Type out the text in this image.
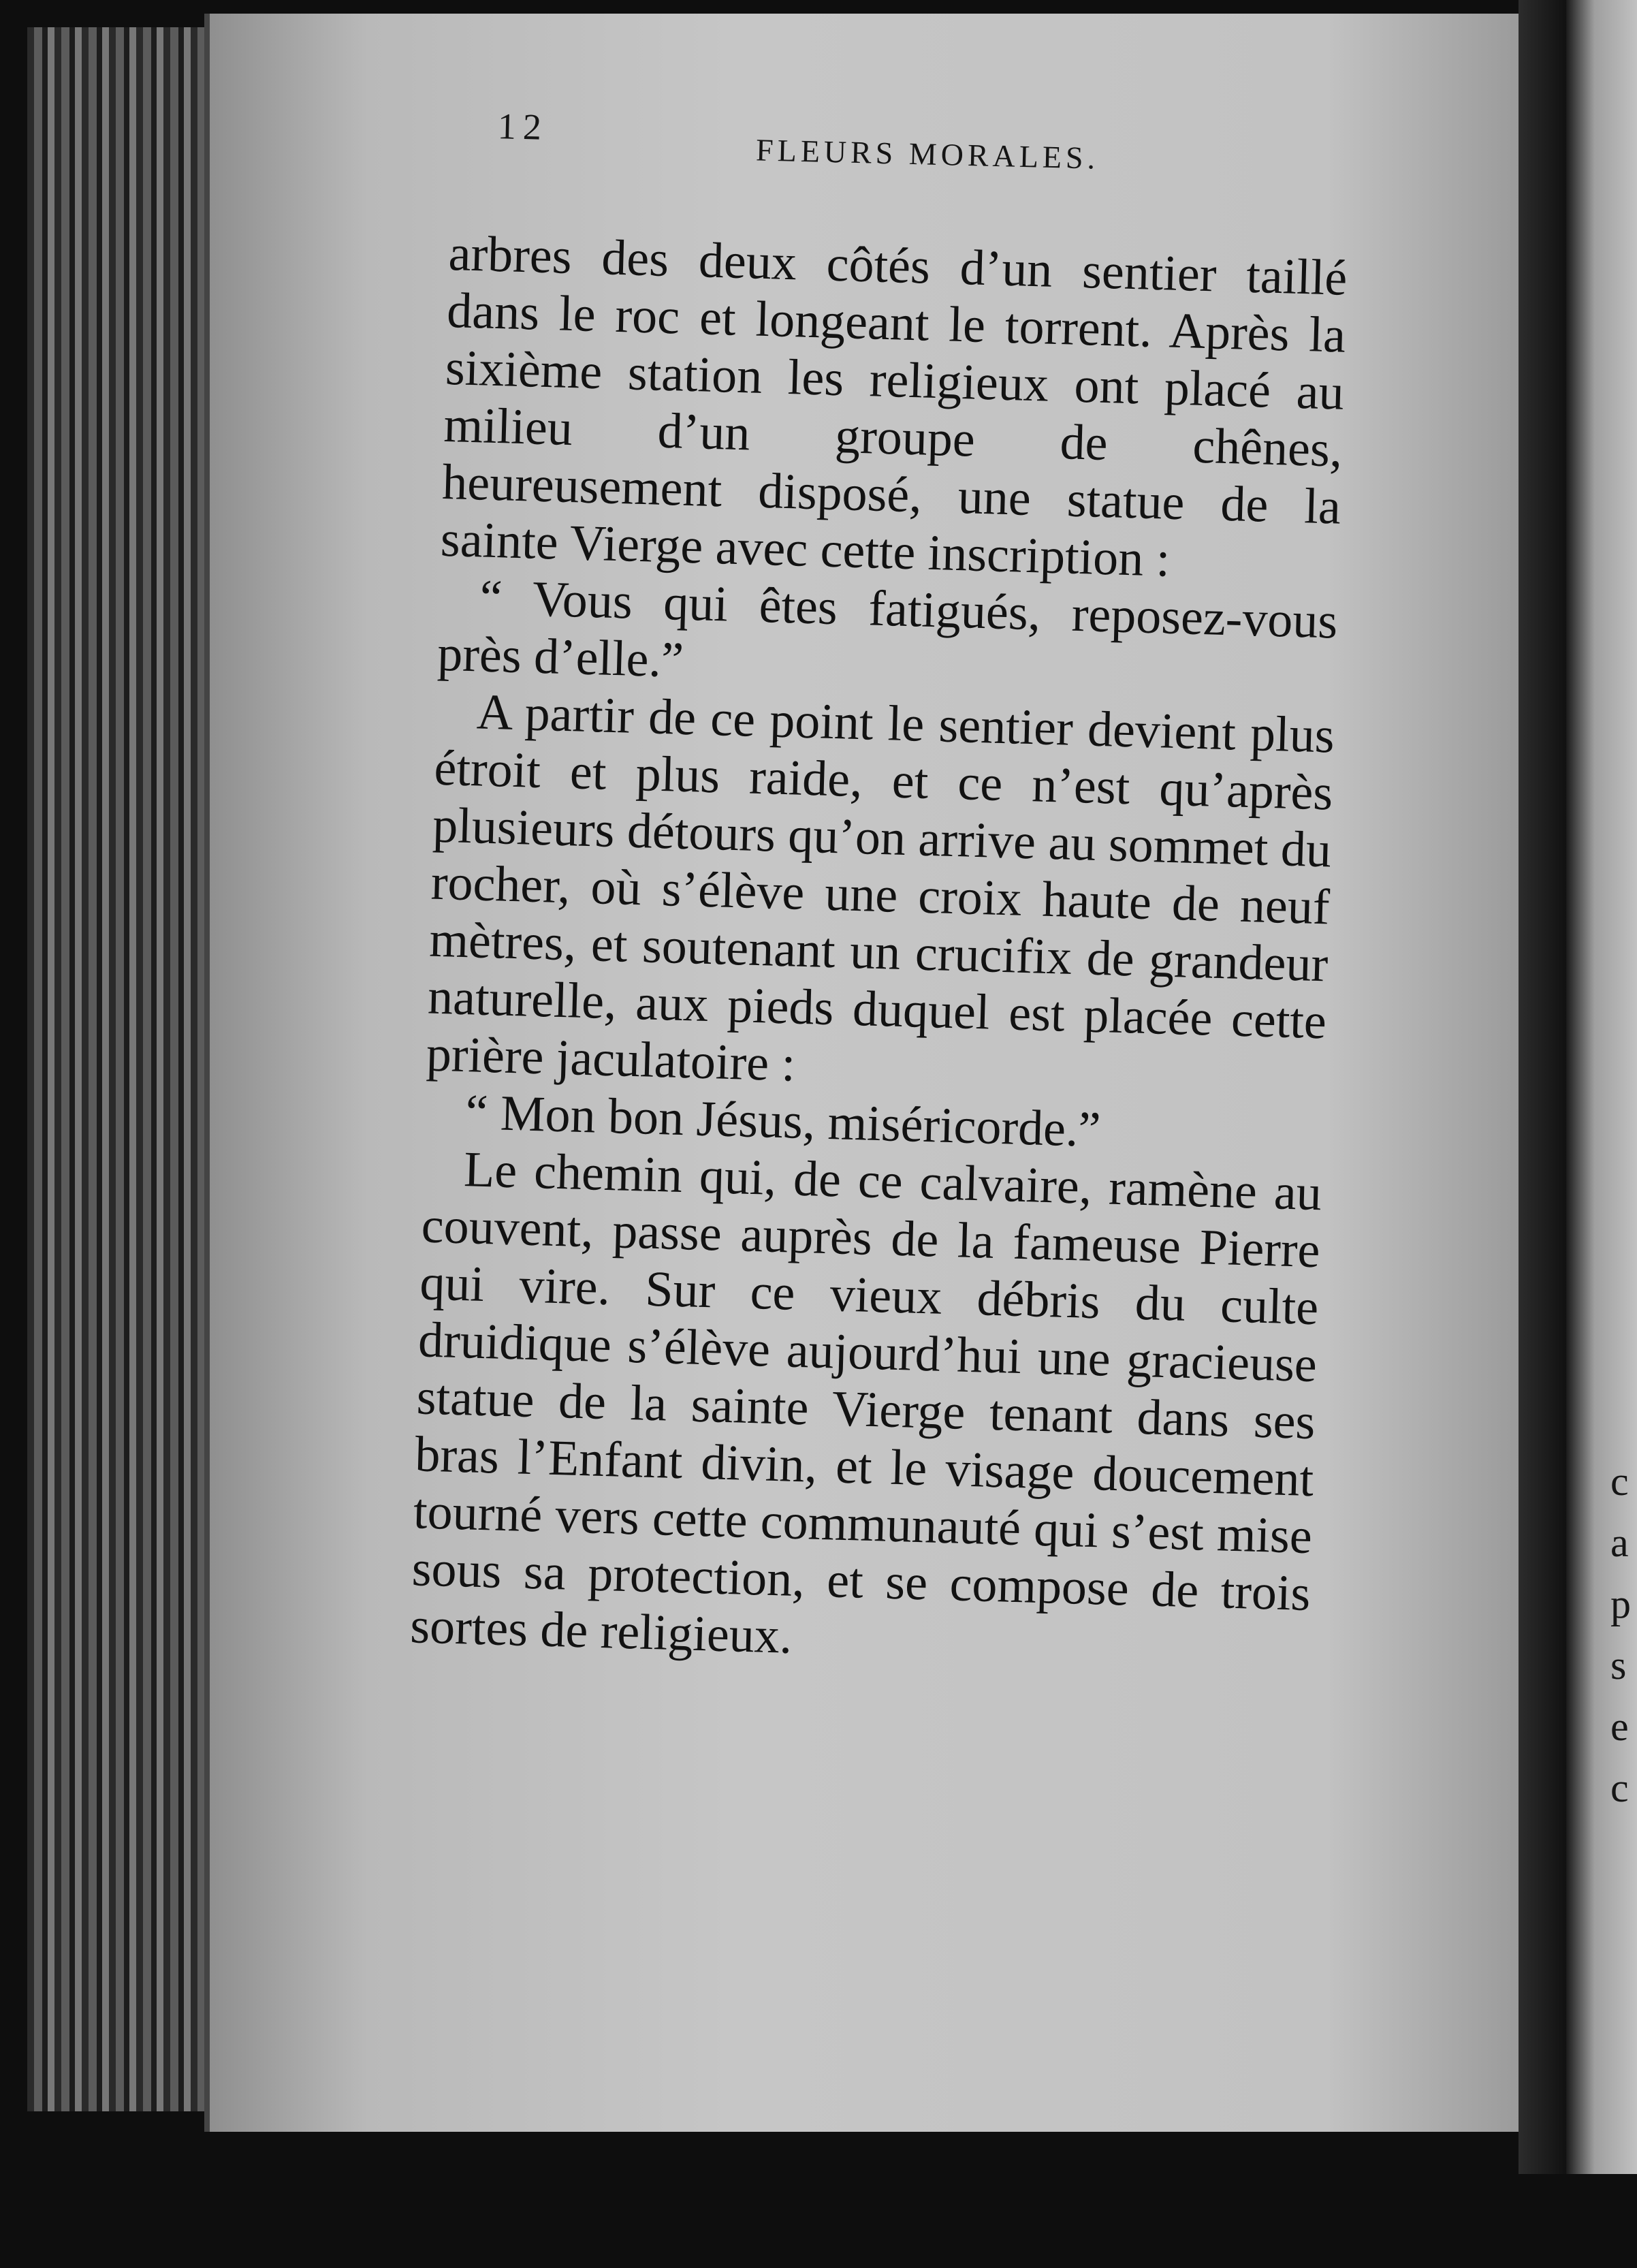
c
a
p
s
e
c
12
FLEURS MORALES.

arbres des deux côtés d’un sentier taillé dans le roc et longeant le torrent. Après la sixième station les religieux ont placé au milieu d’un groupe de chênes, heureusement disposé, une statue de la sainte Vierge avec cette inscription :

“ Vous qui êtes fatigués, reposez-vous près d’elle.”

A partir de ce point le sentier devient plus étroit et plus raide, et ce n’est qu’après plusieurs détours qu’on arrive au sommet du rocher, où s’élève une croix haute de neuf mètres, et soutenant un crucifix de grandeur naturelle, aux pieds duquel est placée cette prière jaculatoire :

“ Mon bon Jésus, miséricorde.”

Le chemin qui, de ce calvaire, ramène au couvent, passe auprès de la fameuse Pierre qui vire. Sur ce vieux débris du culte druidique s’élève aujourd’hui une gracieuse statue de la sainte Vierge tenant dans ses bras l’Enfant divin, et le visage doucement tourné vers cette communauté qui s’est mise sous sa protection, et se compose de trois sortes de religieux.
